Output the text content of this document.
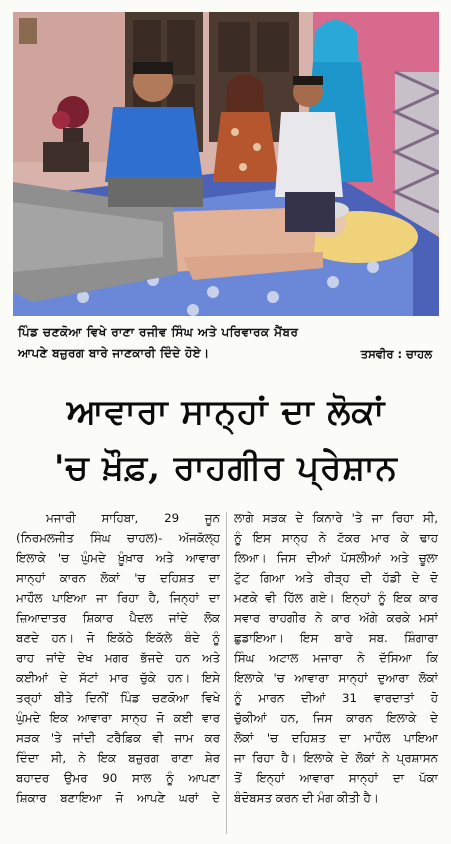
ਪਿੰਡ ਚਣਕੋਆ ਵਿਖੇ ਰਾਣਾ ਰਜੀਵ ਸਿੰਘ ਅਤੇ ਪਰਿਵਾਰਕ ਮੈਂਬਰ
ਆਪਣੇ ਬਜ਼ੁਰਗ ਬਾਰੇ ਜਾਣਕਾਰੀ ਦਿੰਦੇ ਹੋਏ।	ਤਸਵੀਰ : ਚਾਹਲ
ਆਵਾਰਾ ਸਾਨ੍ਹਾਂ ਦਾ ਲੋਕਾਂ
'ਚ ਖ਼ੌਫ਼, ਰਾਹਗੀਰ ਪ੍ਰੇਸ਼ਾਨ
ਮਜਾਰੀ ਸਾਹਿਬਾ, 29 ਜੂਨ
(ਨਿਰਮਲਜੀਤ ਸਿੰਘ ਚਾਹਲ)- ਅੱਜਕੱਲ੍ਹ
ਇਲਾਕੇ 'ਚ ਘੁੰਮਦੇ ਖ਼ੂੰਖ਼ਾਰ ਅਤੇ ਆਵਾਰਾ
ਸਾਨ੍ਹਾਂ ਕਾਰਨ ਲੋਕਾਂ 'ਚ ਦਹਿਸ਼ਤ ਦਾ
ਮਾਹੌਲ ਪਾਇਆ ਜਾ ਰਿਹਾ ਹੈ, ਜਿਨ੍ਹਾਂ ਦਾ
ਜ਼ਿਆਦਾਤਰ ਸ਼ਿਕਾਰ ਪੈਦਲ ਜਾਂਦੇ ਲੋਕ
ਬਣਦੇ ਹਨ। ਜੋ ਇਕੱਠੇ ਇਕੱਲੇ ਬੰਦੇ ਨੂੰ
ਰਾਹ ਜਾਂਦੇ ਦੇਖ ਮਗਰ ਭੱਜਦੇ ਹਨ ਅਤੇ
ਕਈਆਂ ਦੇ ਸੱਟਾਂ ਮਾਰ ਚੁੱਕੇ ਹਨ। ਇਸੇ
ਤਰ੍ਹਾਂ ਬੀਤੇ ਦਿਨੀਂ ਪਿੰਡ ਚਣਕੋਆ ਵਿਖੇ
ਘੁੰਮਦੇ ਇਕ ਆਵਾਰਾ ਸਾਨ੍ਹ ਜੋ ਕਈ ਵਾਰ
ਸੜਕ 'ਤੇ ਜਾਂਦੀ ਟਰੈਫ਼ਿਕ ਵੀ ਜਾਮ ਕਰ
ਦਿੰਦਾ ਸੀ, ਨੇ ਇਕ ਬਜ਼ੁਰਗ ਰਾਣਾ ਸ਼ੇਰ
ਬਹਾਦਰ ਉਮਰ 90 ਸਾਲ ਨੂੰ ਆਪਣਾ
ਸ਼ਿਕਾਰ ਬਣਾਇਆ ਜੋ ਆਪਣੇ ਘਰਾਂ ਦੇ
ਲਾਗੇ ਸੜਕ ਦੇ ਕਿਨਾਰੇ 'ਤੇ ਜਾ ਰਿਹਾ ਸੀ,
ਨੂੰ ਇਸ ਸਾਨ੍ਹ ਨੇ ਟੱਕਰ ਮਾਰ ਕੇ ਢਾਹ
ਲਿਆ। ਜਿਸ ਦੀਆਂ ਪੱਸਲੀਆਂ ਅਤੇ ਚੂਲਾ
ਟੁੱਟ ਗਿਆ ਅਤੇ ਰੀੜ੍ਹ ਦੀ ਹੱਡੀ ਦੇ ਦੋ
ਮਣਕੇ ਵੀ ਹਿੱਲ ਗਏ। ਇਨ੍ਹਾਂ ਨੂੰ ਇਕ ਕਾਰ
ਸਵਾਰ ਰਾਹਗੀਰ ਨੇ ਕਾਰ ਅੱਗੇ ਕਰਕੇ ਮਸਾਂ
ਛੁਡਾਇਆ। ਇਸ ਬਾਰੇ ਸਬ. ਸ਼ਿੰਗਾਰਾ
ਸਿੰਘ ਅਟਾਲ ਮਜਾਰਾ ਨੇ ਦੱਸਿਆ ਕਿ
ਇਲਾਕੇ 'ਚ ਆਵਾਰਾ ਸਾਨ੍ਹਾਂ ਦੁਆਰਾ ਲੋਕਾਂ
ਨੂੰ ਮਾਰਨ ਦੀਆਂ 31 ਵਾਰਦਾਤਾਂ ਹੋ
ਚੁੱਕੀਆਂ ਹਨ, ਜਿਸ ਕਾਰਨ ਇਲਾਕੇ ਦੇ
ਲੋਕਾਂ 'ਚ ਦਹਿਸ਼ਤ ਦਾ ਮਾਹੌਲ ਪਾਇਆ
ਜਾ ਰਿਹਾ ਹੈ। ਇਲਾਕੇ ਦੇ ਲੋਕਾਂ ਨੇ ਪ੍ਰਸ਼ਾਸਨ
ਤੋਂ ਇਨ੍ਹਾਂ ਆਵਾਰਾ ਸਾਨ੍ਹਾਂ ਦਾ ਪੱਕਾ
ਬੰਦੋਬਸਤ ਕਰਨ ਦੀ ਮੰਗ ਕੀਤੀ ਹੈ।
